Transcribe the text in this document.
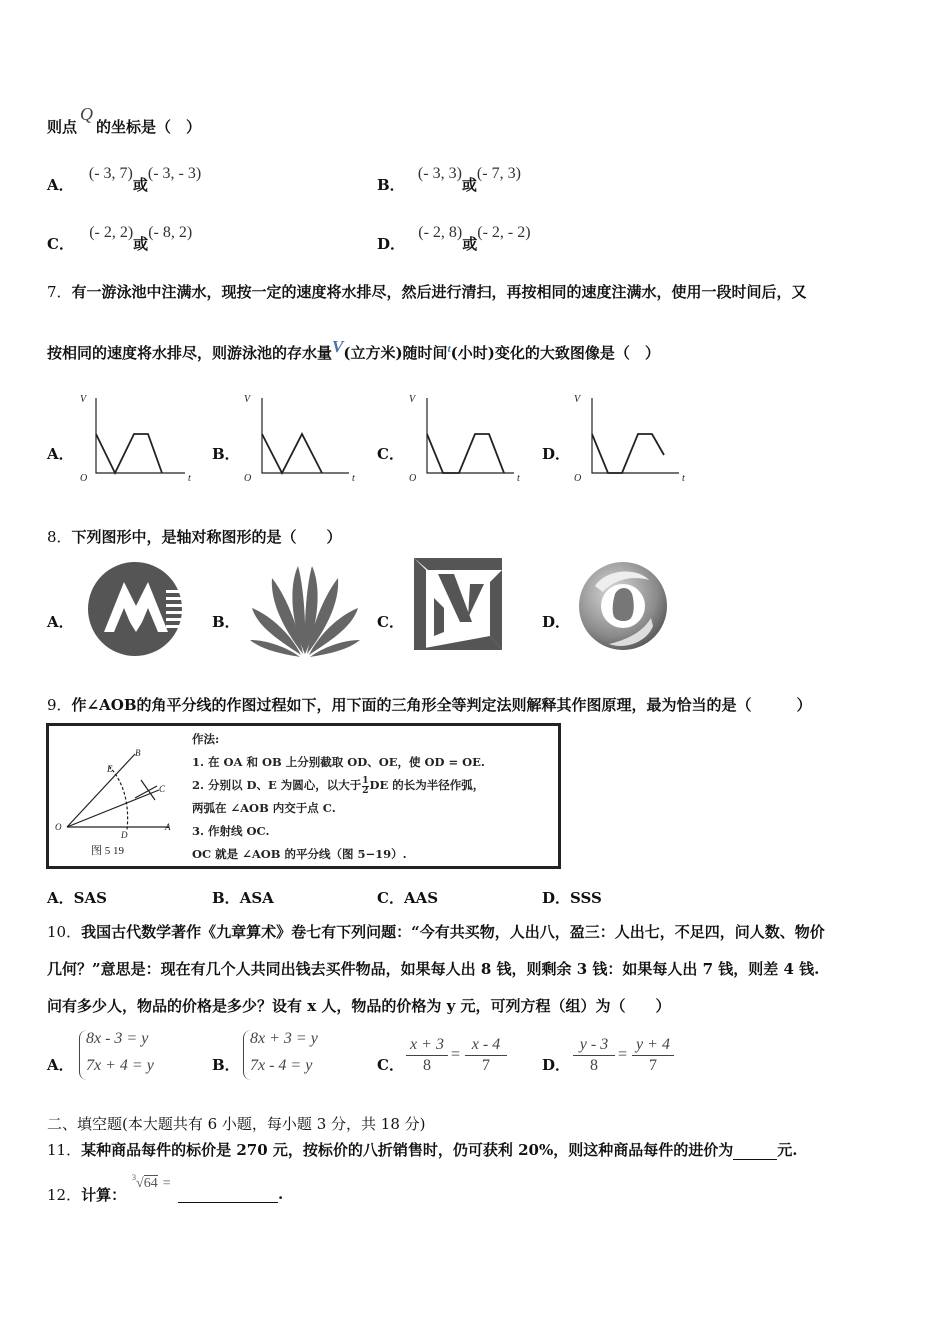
则点Q的坐标是（　）
A． (- 3, 7)或(- 3, - 3)
B． (- 3, 3)或(- 7, 3)
C． (- 2, 2)或(- 8, 2)
D． (- 2, 8)或(- 2, - 2)
7．有一游泳池中注满水，现按一定的速度将水排尽，然后进行清扫，再按相同的速度注满水，使用一段时间后，又
按相同的速度将水排尽，则游泳池的存水量V(立方米)随时间$^t$(小时)变化的大致图像是（　）
A．	B．	C．	D．
V
O	t
V
O	t
V
O	t
V
O	t
8．下列图形中，是轴对称图形的是（　　）
A．	B．	C．	D．
9．作∠AOB的角平分线的作图过程如下，用下面的三角形全等判定法则解释其作图原理，最为恰当的是（　　　）
B
E
C
O
D
A
图 5 19
作法:
1. 在 OA 和 OB 上分别截取 OD、OE，使 OD = OE.
2. 分别以 D、E 为圆心，以大于$\frac{1}{2}DE$ 的长为半径作弧，
两弧在 ∠AOB 内交于点 C.
3. 作射线 OC.
OC 就是 ∠AOB 的平分线（图 5−19）.
A．SAS	B．ASA	C．AAS	D．SSS
10．我国古代数学著作《九章算术》卷七有下列问题：“今有共买物，人出八，盈三：人出七，不足四，问人数、物价
几何？”意思是：现在有几个人共同出钱去买件物品，如果每人出 8 钱，则剩余 3 钱：如果每人出 7 钱，则差 4 钱.
问有多少人，物品的价格是多少？设有 x 人，物品的价格为 y 元，可列方程（组）为（　　）
A．
8x - 3 = y
7x + 4 = y	B．
8x + 3 = y
7x - 4 = y	C．
x + 3
8
=
x - 4
7	D．
y - 3
8
=
y + 4
7
二、填空题(本大题共有 6 小题，每小题 3 分，共 18 分)
11．某种商品每件的标价是 270 元，按标价的八折销售时，仍可获利 20%，则这种商品每件的进价为	元.
12．计算：
$^3$√64 =
.
